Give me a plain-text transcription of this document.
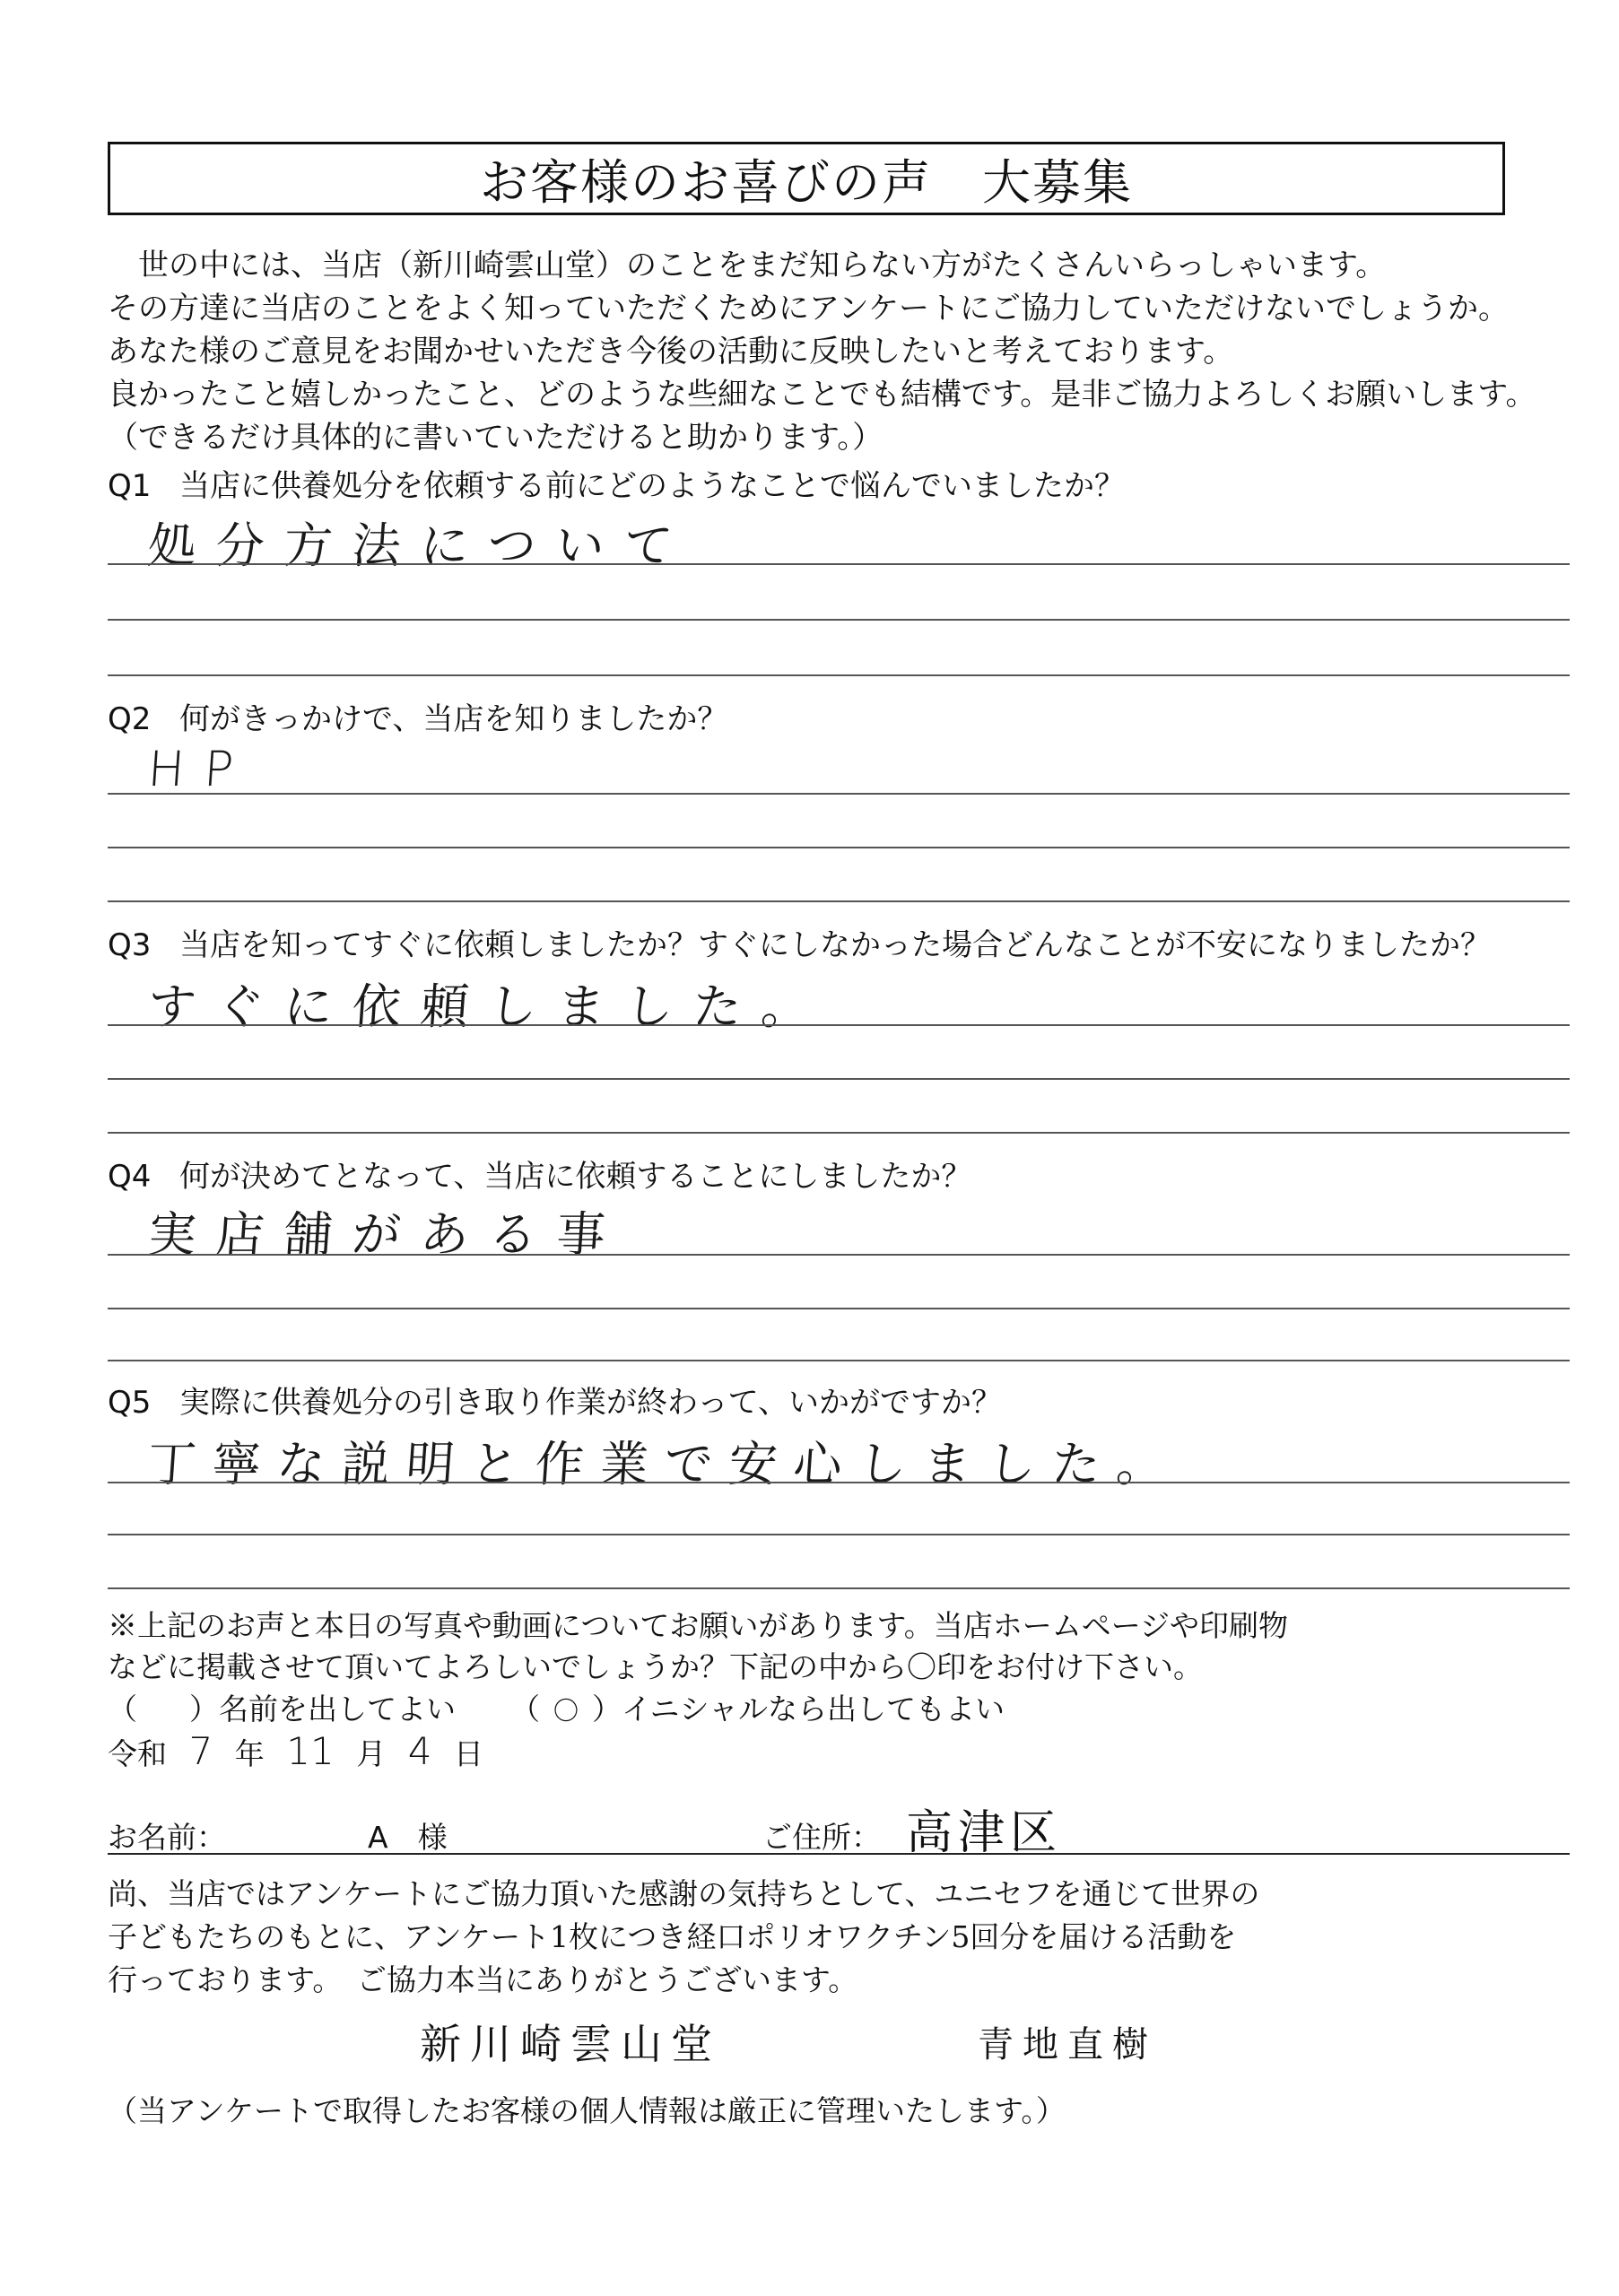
お客様のお喜びの声　大募集
世の中には、当店（新川崎雲山堂）のことをまだ知らない方がたくさんいらっしゃいます。
その方達に当店のことをよく知っていただくためにアンケートにご協力していただけないでしょうか。
あなた様のご意見をお聞かせいただき今後の活動に反映したいと考えております。
良かったこと嬉しかったこと、どのような些細なことでも結構です。是非ご協力よろしくお願いします。
（できるだけ具体的に書いていただけると助かります。）
Q1 当店に供養処分を依頼する前にどのようなことで悩んでいましたか？
処分方法について
Q2 何がきっかけで、当店を知りましたか？
HP
Q3 当店を知ってすぐに依頼しましたか？すぐにしなかった場合どんなことが不安になりましたか？
すぐに依頼しました。
Q4 何が決めてとなって、当店に依頼することにしましたか？
実店舗がある事
Q5 実際に供養処分の引き取り作業が終わって、いかがですか？
丁寧な説明と作業で安心しました。
※上記のお声と本日の写真や動画についてお願いがあります。当店ホームページや印刷物
などに掲載させて頂いてよろしいでしょうか？下記の中から〇印をお付け下さい。
（ ）名前を出してよい （ 〇 ）イニシャルなら出してもよい
令和 7 年 11 月 4 日
お名前：	A　様	ご住所： 高津区
尚、当店ではアンケートにご協力頂いた感謝の気持ちとして、ユニセフを通じて世界の
子どもたちのもとに、アンケート1枚につき経口ポリオワクチン5回分を届ける活動を
行っております。　ご協力本当にありがとうございます。
新川崎雲山堂	青地直樹
（当アンケートで取得したお客様の個人情報は厳正に管理いたします。）
